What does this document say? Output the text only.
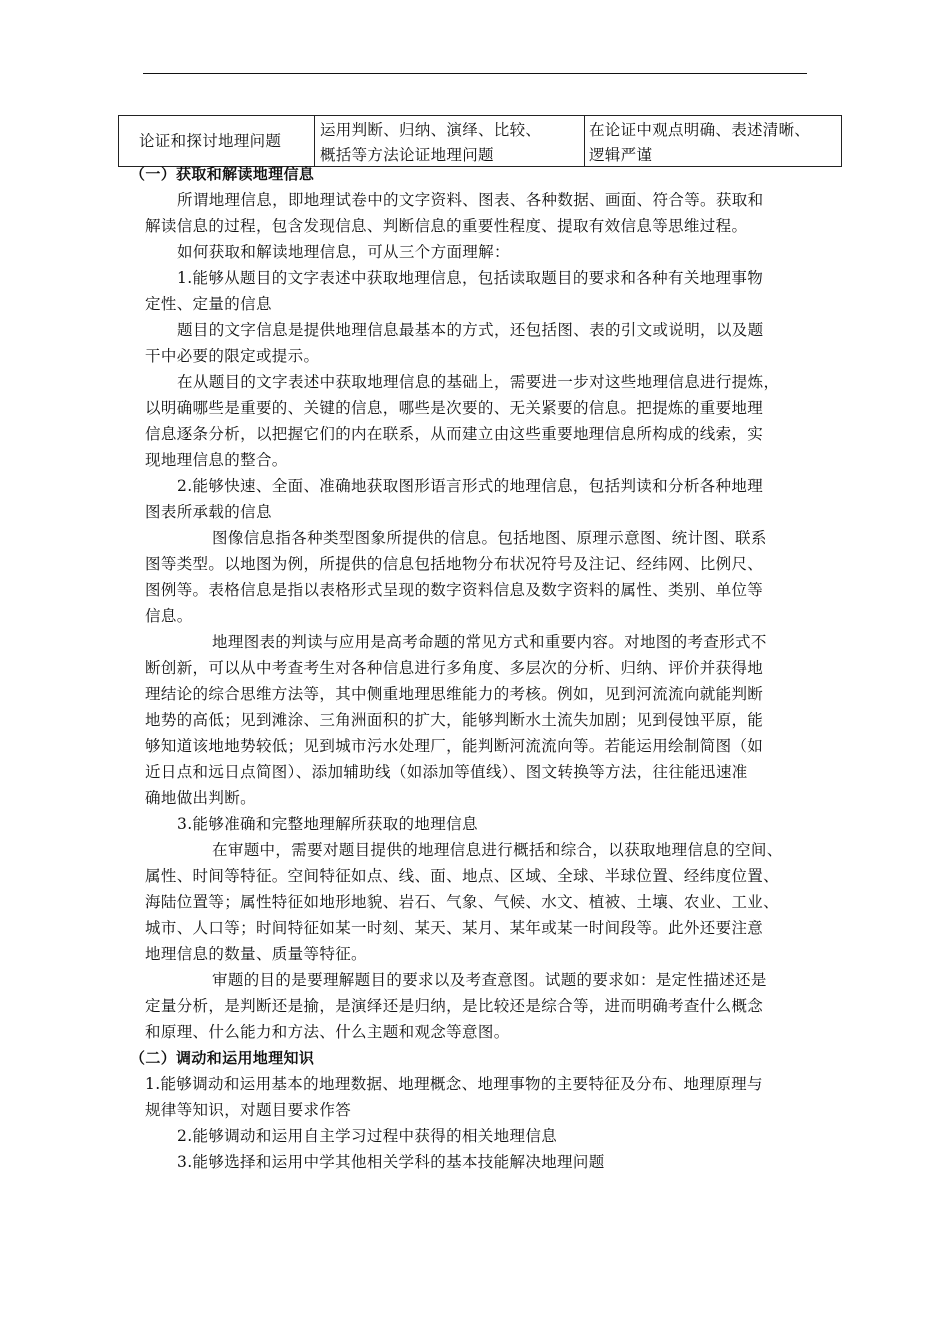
论证和探讨地理问题
运用判断、归纳、演绎、比较、
概括等方法论证地理问题
在论证中观点明确、表述清晰、
逻辑严谨
（一）获取和解读地理信息
所谓地理信息，即地理试卷中的文字资料、图表、各种数据、画面、符合等。获取和
解读信息的过程，包含发现信息、判断信息的重要性程度、提取有效信息等思维过程。
如何获取和解读地理信息，可从三个方面理解：
1.能够从题目的文字表述中获取地理信息，包括读取题目的要求和各种有关地理事物
定性、定量的信息
题目的文字信息是提供地理信息最基本的方式，还包括图、表的引文或说明，以及题
干中必要的限定或提示。
在从题目的文字表述中获取地理信息的基础上，需要进一步对这些地理信息进行提炼，
以明确哪些是重要的、关键的信息，哪些是次要的、无关紧要的信息。把提炼的重要地理
信息逐条分析，以把握它们的内在联系，从而建立由这些重要地理信息所构成的线索，实
现地理信息的整合。
2.能够快速、全面、准确地获取图形语言形式的地理信息，包括判读和分析各种地理
图表所承载的信息
图像信息指各种类型图象所提供的信息。包括地图、原理示意图、统计图、联系
图等类型。以地图为例，所提供的信息包括地物分布状况符号及注记、经纬网、比例尺、
图例等。表格信息是指以表格形式呈现的数字资料信息及数字资料的属性、类别、单位等
信息。
地理图表的判读与应用是高考命题的常见方式和重要内容。对地图的考查形式不
断创新，可以从中考查考生对各种信息进行多角度、多层次的分析、归纳、评价并获得地
理结论的综合思维方法等，其中侧重地理思维能力的考核。例如，见到河流流向就能判断
地势的高低；见到滩涂、三角洲面积的扩大，能够判断水土流失加剧；见到侵蚀平原，能
够知道该地地势较低；见到城市污水处理厂，能判断河流流向等。若能运用绘制简图（如
近日点和远日点简图）、添加辅助线（如添加等值线）、图文转换等方法，往往能迅速准
确地做出判断。
3.能够准确和完整地理解所获取的地理信息
在审题中，需要对题目提供的地理信息进行概括和综合，以获取地理信息的空间、
属性、时间等特征。空间特征如点、线、面、地点、区域、全球、半球位置、经纬度位置、
海陆位置等；属性特征如地形地貌、岩石、气象、气候、水文、植被、土壤、农业、工业、
城市、人口等；时间特征如某一时刻、某天、某月、某年或某一时间段等。此外还要注意
地理信息的数量、质量等特征。
审题的目的是要理解题目的要求以及考查意图。试题的要求如：是定性描述还是
定量分析，是判断还是揄，是演绎还是归纳，是比较还是综合等，进而明确考查什么概念
和原理、什么能力和方法、什么主题和观念等意图。
（二）调动和运用地理知识
1.能够调动和运用基本的地理数据、地理概念、地理事物的主要特征及分布、地理原理与
规律等知识，对题目要求作答
2.能够调动和运用自主学习过程中获得的相关地理信息
3.能够选择和运用中学其他相关学科的基本技能解决地理问题
